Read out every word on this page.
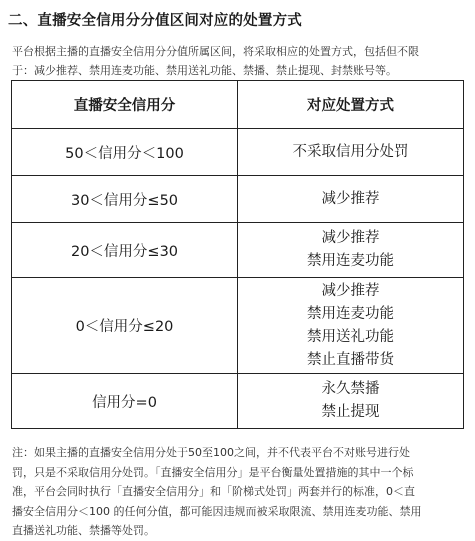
二、直播安全信用分分值区间对应的处置方式
平台根据主播的直播安全信用分分值所属区间，将采取相应的处置方式，包括但不限
于：减少推荐、禁用连麦功能、禁用送礼功能、禁播、禁止提现、封禁账号等。
直播安全信用分	对应处置方式
50＜信用分＜100	不采取信用分处罚

30＜信用分≤50	减少推荐

20＜信用分≤30	减少推荐
禁用连麦功能

0＜信用分≤20	减少推荐
禁用连麦功能
禁用送礼功能
禁止直播带货

信用分=0	永久禁播
禁止提现
注：如果主播的直播安全信用分处于50至100之间，并不代表平台不对账号进行处
罚，只是不采取信用分处罚。「直播安全信用分」是平台衡量处置措施的其中一个标
准，平台会同时执行「直播安全信用分」和「阶梯式处罚」两套并行的标准，0＜直
播安全信用分＜100 的任何分值，都可能因违规而被采取限流、禁用连麦功能、禁用
直播送礼功能、禁播等处罚。
